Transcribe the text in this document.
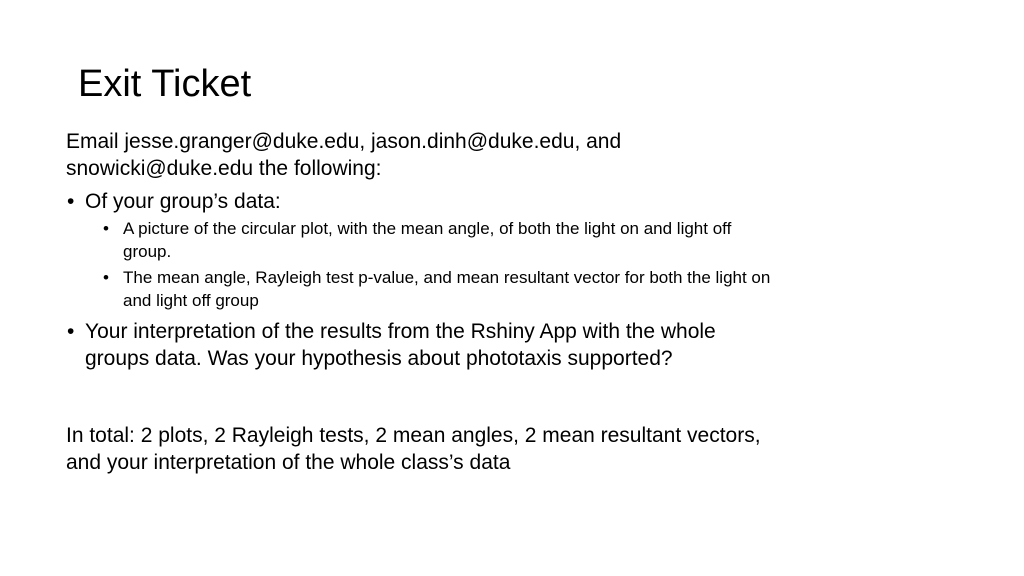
Exit Ticket

Email jesse.granger@duke.edu, jason.dinh@duke.edu, and
snowicki@duke.edu the following:

• Of your group’s data:
• A picture of the circular plot, with the mean angle, of both the light on and light off
group.
• The mean angle, Rayleigh test p-value, and mean resultant vector for both the light on
and light off group
• Your interpretation of the results from the Rshiny App with the whole
groups data. Was your hypothesis about phototaxis supported?

In total: 2 plots, 2 Rayleigh tests, 2 mean angles, 2 mean resultant vectors,
and your interpretation of the whole class’s data
